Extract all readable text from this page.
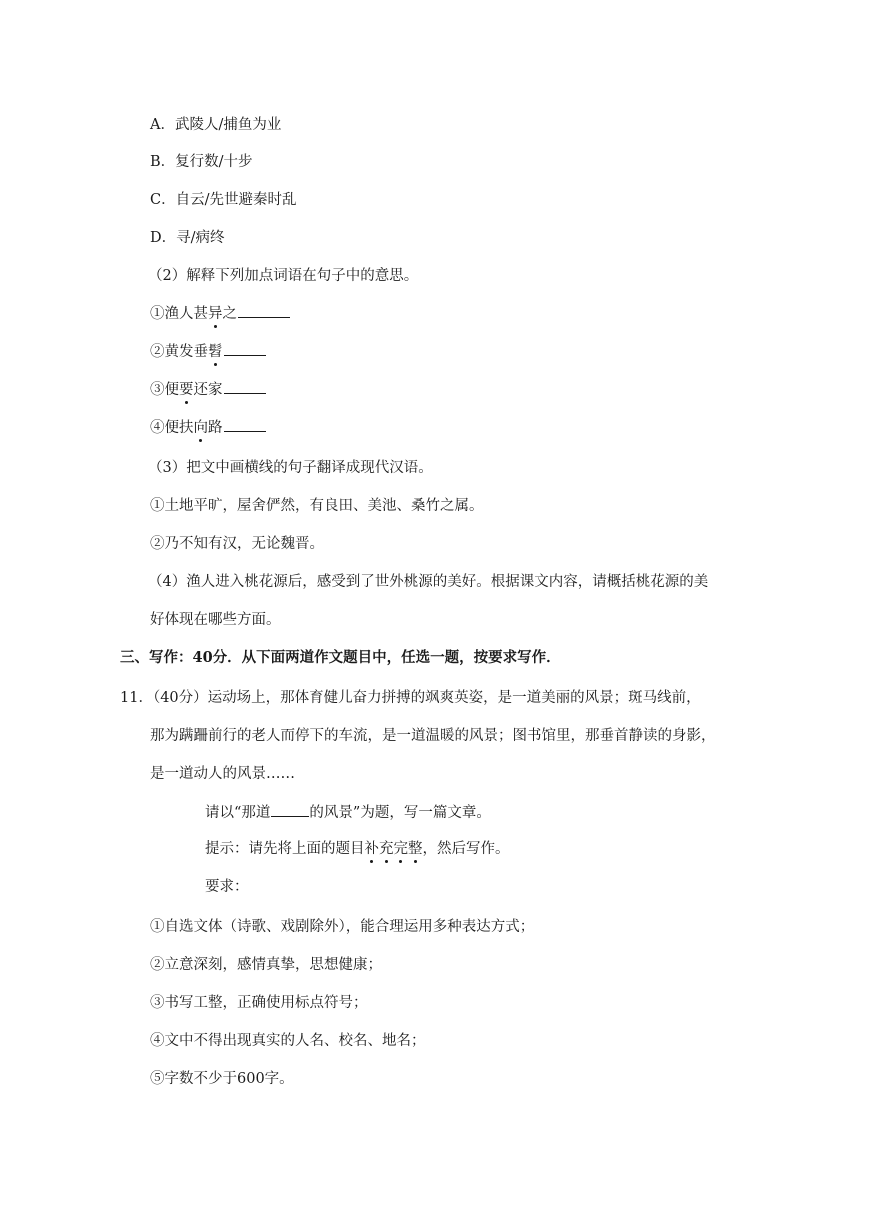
A．武陵人/捕鱼为业
B．复行数/十步
C．自云/先世避秦时乱
D．寻/病终
（2）解释下列加点词语在句子中的意思。
①渔人甚异之
②黄发垂髫
③便要还家
④便扶向路
（3）把文中画横线的句子翻译成现代汉语。
①土地平旷，屋舍俨然，有良田、美池、桑竹之属。
②乃不知有汉，无论魏晋。
（4）渔人进入桃花源后，感受到了世外桃源的美好。根据课文内容，请概括桃花源的美
好体现在哪些方面。
三、写作：40分．从下面两道作文题目中，任选一题，按要求写作．
11．（40分）运动场上，那体育健儿奋力拼搏的飒爽英姿，是一道美丽的风景；斑马线前，
那为蹒跚前行的老人而停下的车流，是一道温暖的风景；图书馆里，那垂首静读的身影，
是一道动人的风景……
请以“那道	的风景”为题，写一篇文章。
提示：请先将上面的题目补充完整，然后写作。
要求：
①自选文体（诗歌、戏剧除外），能合理运用多种表达方式；
②立意深刻，感情真挚，思想健康；
③书写工整，正确使用标点符号；
④文中不得出现真实的人名、校名、地名；
⑤字数不少于600字。
